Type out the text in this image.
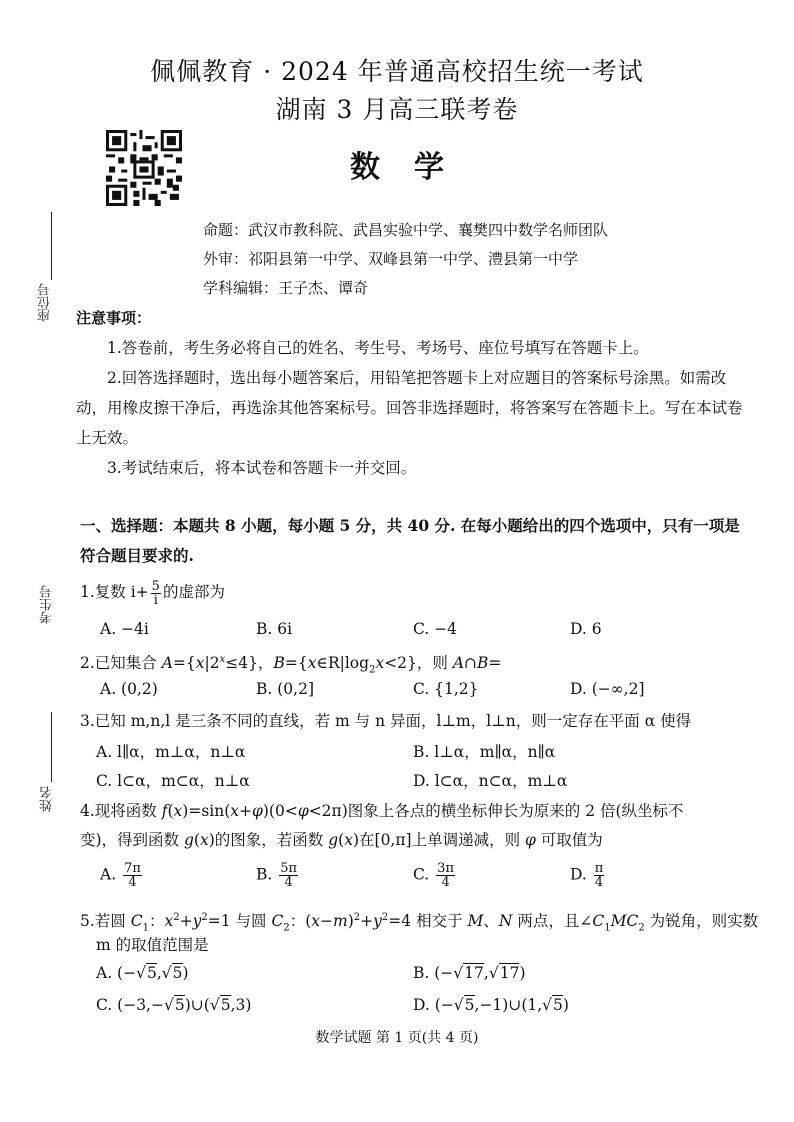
佩佩教育 · 2024 年普通高校招生统一考试
湖南 3 月高三联考卷
数学
命题：武汉市教科院、武昌实验中学、襄樊四中数学名师团队
外审：祁阳县第一中学、双峰县第一中学、澧县第一中学
学科编辑：王子杰、谭奇
座位号
考生号
姓名
注意事项：
1.答卷前，考生务必将自己的姓名、考生号、考场号、座位号填写在答题卡上。
2.回答选择题时，选出每小题答案后，用铅笔把答题卡上对应题目的答案标号涂黑。如需改动，用橡皮擦干净后，再选涂其他答案标号。回答非选择题时，将答案写在答题卡上。写在本试卷上无效。
3.考试结束后，将本试卷和答题卡一并交回。
一、选择题：本题共 8 小题，每小题 5 分，共 40 分. 在每小题给出的四个选项中，只有一项是符合题目要求的.
1.复数 $i+ \frac{5}{i}$ 的虚部为
A. −4i	B. 6i	C. −4	D. 6
2.已知集合 $A=\{x|2^x\le 4\}$，$B=\{x\in R|\log_2x<2\}$，则 A∩B=
A. (0,2)	B. (0,2]	C. {1,2}	D. (−∞,2]
3.已知 m,n,l 是三条不同的直线，若 m 与 n 异面，l⊥m，l⊥n，则一定存在平面 α 使得
A. l∥α，m⊥α，n⊥α	B. l⊥α，m∥α，n∥α
C. l⊂α，m⊂α，n⊥α	D. l⊂α，n⊂α，m⊥α
4.现将函数 f(x)=sin(x+φ)(0<φ<2π)图象上各点的横坐标伸长为原来的 2 倍(纵坐标不
变)，得到函数 g(x)的图象，若函数 g(x)在[0,π]上单调递减，则 φ 可取值为
A. $\frac{7\pi}{4}$	B. $\frac{5\pi}{4}$	C. $\frac{3\pi}{4}$	D. $\frac{\pi}{4}$
5.若圆 $C_1$：$x^2+y^2=1$ 与圆 $C_2$：$(x-m)^2+y^2=4$ 相交于 M、N 两点，且$\angle C_1MC_2$ 为锐角，则实数
m 的取值范围是
A. (−√5,√5)	B. (−√17,√17)
C. (−3,−√5)∪(√5,3)	D. (−√5,−1)∪(1,√5)
数学试题 第 1 页(共 4 页)
